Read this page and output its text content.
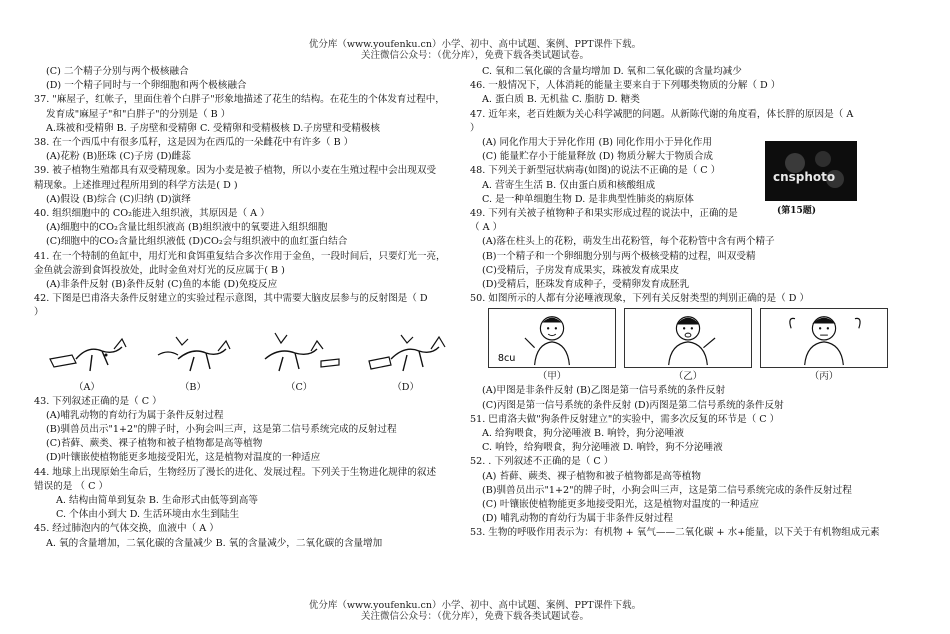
优分库（www.youfenku.cn）小学、初中、高中试题、案例、PPT课件下载。
关注微信公众号：（优分库），免费下载各类试题试卷。
(C) 二个精子分别与两个极核融合
(D) 一个精子同时与一个卵细胞和两个极核融合
37. "麻屋子，红帐子，里面住着个白胖子"形象地描述了花生的结构。在花生的个体发育过程中，
发育成"麻屋子"和"白胖子"的分别是（ B ）
A.珠被和受精卵 B. 子房壁和受精卵 C. 受精卵和受精极核 D.子房壁和受精极核
38. 在一个西瓜中有很多瓜籽，这是因为在西瓜的一朵雌花中有许多（ B ）
(A)花粉 (B)胚珠 (C)子房 (D)雌蕊
39. 被子植物生殖都具有双受精现象。因为小麦是被子植物，所以小麦在生殖过程中会出现双受
精现象。上述推理过程所用到的科学方法是( D )
(A)假设 (B)综合 (C)归纳 (D)演绎
40. 组织细胞中的 CO₂能进入组织液，其原因是（ A ）
(A)细胞中的CO₂含量比组织液高 (B)组织液中的氧要进入组织细胞
(C)细胞中的CO₂含量比组织液低 (D)CO₂会与组织液中的血红蛋白结合
41. 在一个特制的鱼缸中，用灯光和食饵重复结合多次作用于金鱼，一段时间后，只要灯光一亮，
金鱼就会游到食饵投放处，此时金鱼对灯光的反应属于( B )
(A)非条件反射 (B)条件反射 (C)鱼的本能 (D)免疫反应
42. 下图是巴甫洛夫条件反射建立的实验过程示意图，其中需要大脑皮层参与的反射图是（ D
）
（A）	（B）	（C）	（D）
43. 下列叙述正确的是（ C ）
(A)哺乳动物的育幼行为属于条件反射过程
(B)驯兽员出示"1+2"的牌子时，小狗会叫三声，这是第二信号系统完成的反射过程
(C)苔藓、蕨类、裸子植物和被子植物都是高等植物
(D)叶镶嵌使植物能更多地接受阳光，这是植物对温度的一种适应
44. 地球上出现原始生命后，生物经历了漫长的进化、发展过程。下列关于生物进化规律的叙述
错误的是 （ C ）
A. 结构由简单到复杂 B. 生命形式由低等到高等
C. 个体由小到大 D. 生活环境由水生到陆生
45. 经过肺泡内的气体交换，血液中（ A ）
A. 氧的含量增加，二氧化碳的含量减少 B. 氧的含量减少，二氧化碳的含量增加
C. 氧和二氧化碳的含量均增加 D. 氧和二氧化碳的含量均减少
46. 一般情况下，人体消耗的能量主要来自于下列哪类物质的分解（ D ）
A. 蛋白质 B. 无机盐 C. 脂肪 D. 糖类
47. 近年来，老百姓颇为关心科学减肥的问题。从新陈代谢的角度看，体长胖的原因是（ A
）
(A) 同化作用大于异化作用 (B) 同化作用小于异化作用
(C) 能量贮存小于能量释放 (D) 物质分解大于物质合成
48. 下列关于新型冠状病毒(如图)的说法不正确的是（ C ）
A. 营寄生生活 B. 仅由蛋白质和核酸组成
C. 是一种单细胞生物 D. 是非典型性肺炎的病原体
49. 下列有关被子植物种子和果实形成过程的说法中，正确的是
（ A ）
(A)落在柱头上的花粉，萌发生出花粉管，每个花粉管中含有两个精子
(B)一个精子和一个卵细胞分别与两个极核受精的过程，叫双受精
(C)受精后，子房发育成果实，珠被发育成果皮
(D)受精后，胚珠发育成种子，受精卵发育成胚乳
50. 如图所示的人都有分泌唾液现象，下列有关反射类型的判别正确的是（ D ）
8cu
（甲）	（乙）	（丙）
(A)甲图是非条件反射 (B)乙图是第一信号系统的条件反射
(C)丙图是第一信号系统的条件反射 (D)丙图是第二信号系统的条件反射
51. 巴甫洛夫做"狗条件反射建立"的实验中，需多次反复的环节是（ C ）
A. 给狗喂食，狗分泌唾液 B. 响铃，狗分泌唾液
C. 响铃，给狗喂食，狗分泌唾液 D. 响铃，狗不分泌唾液
52. . 下列叙述不正确的是（ C ）
(A) 苔藓、蕨类、裸子植物和被子植物都是高等植物
(B)驯兽员出示"1+2"的牌子时，小狗会叫三声，这是第二信号系统完成的条件反射过程
(C) 叶镶嵌使植物能更多地接受阳光，这是植物对温度的一种适应
(D) 哺乳动物的育幼行为属于非条件反射过程
53. 生物的呼吸作用表示为：有机物 + 氧气——二氧化碳 + 水+能量，以下关于有机物组成元素
cnsphoto
(第15题)
优分库（www.youfenku.cn）小学、初中、高中试题、案例、PPT课件下载。
关注微信公众号：（优分库），免费下载各类试题试卷。
